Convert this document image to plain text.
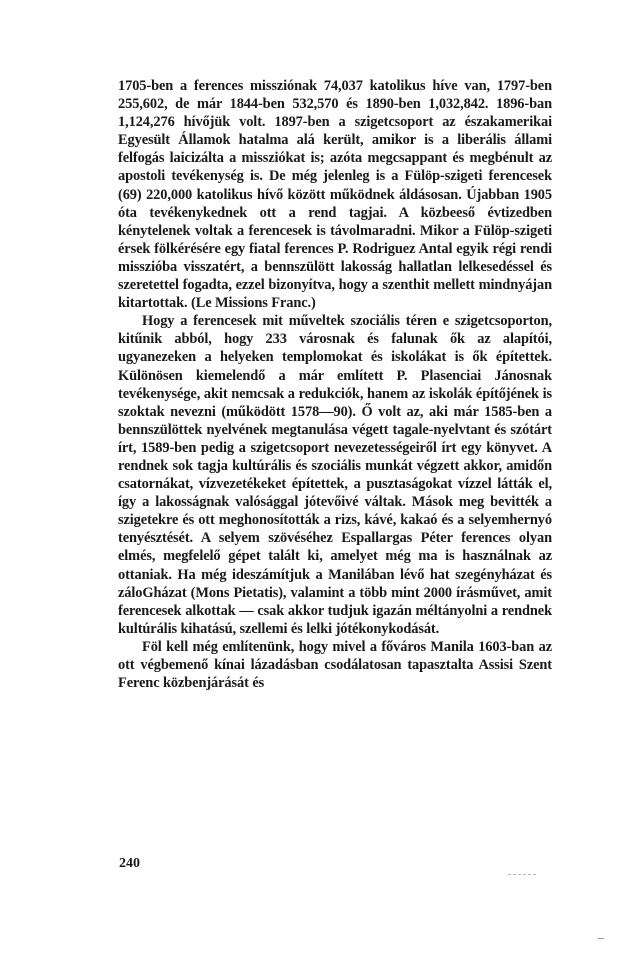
1705-ben a ferences missziónak 74,037 katolikus híve van, 1797-ben 255,602, de már 1844-ben 532,570 és 1890-ben 1,032,842. 1896-ban 1,124,276 hívőjük volt. 1897-ben a szigetcsoport az északamerikai Egyesült Államok hatalma alá került, amikor is a liberális állami felfogás laicizálta a missziókat is; azóta megcsappant és megbénult az apostoli tevékenység is. De még jelenleg is a Fülöp-szigeti ferencesek (69) 220,000 katolikus hívő között működnek áldásosan. Újabban 1905 óta tevékenykednek ott a rend tagjai. A közbeeső évtizedben kénytelenek voltak a ferencesek is távolmaradni. Mikor a Fülöp-szigeti érsek fölkérésére egy fiatal ferences P. Rodriguez Antal egyik régi rendi misszióba visszatért, a bennszülött lakosság hallatlan lelkesedéssel és szeretettel fogadta, ezzel bizonyítva, hogy a szenthit mellett mindnyájan kitartottak. (Le Missions Franc.)

Hogy a ferencesek mit műveltek szociális téren e szigetcsoporton, kitűnik abból, hogy 233 városnak és falunak ők az alapítói, ugyanezeken a helyeken templomokat és iskolákat is ők építettek. Különösen kiemelendő a már említett P. Plasenciai Jánosnak tevékenysége, akit nemcsak a redukciók, hanem az iskolák építőjének is szoktak nevezni (működött 1578—90). Ő volt az, aki már 1585-ben a bennszülöttek nyelvének megtanulása végett tagale-nyelvtant és szótárt írt, 1589-ben pedig a szigetcsoport nevezetességeiről írt egy könyvet. A rendnek sok tagja kultúrális és szociális munkát végzett akkor, amidőn csatornákat, vízvezetékeket építettek, a pusztaságokat vízzel látták el, így a lakosságnak valósággal jótevőivé váltak. Mások meg bevitték a szigetekre és ott meghonosították a rizs, kávé, kakaó és a selyemhernyó tenyésztését. A selyem szövéséhez Espallargas Péter ferences olyan elmés, megfelelő gépet talált ki, amelyet még ma is használnak az ottaniak. Ha még ideszámítjuk a Manilában lévő hat szegényházat és záloGházat (Mons Pietatis), valamint a több mint 2000 írásművet, amit ferencesek alkottak — csak akkor tudjuk igazán méltányolni a rendnek kultúrális kihatású, szellemi és lelki jótékonykodását.

Föl kell még említenünk, hogy mivel a főváros Manila 1603-ban az ott végbemenő kínai lázadásban csodálatosan tapasztalta Assisi Szent Ferenc közbenjárását és

240
